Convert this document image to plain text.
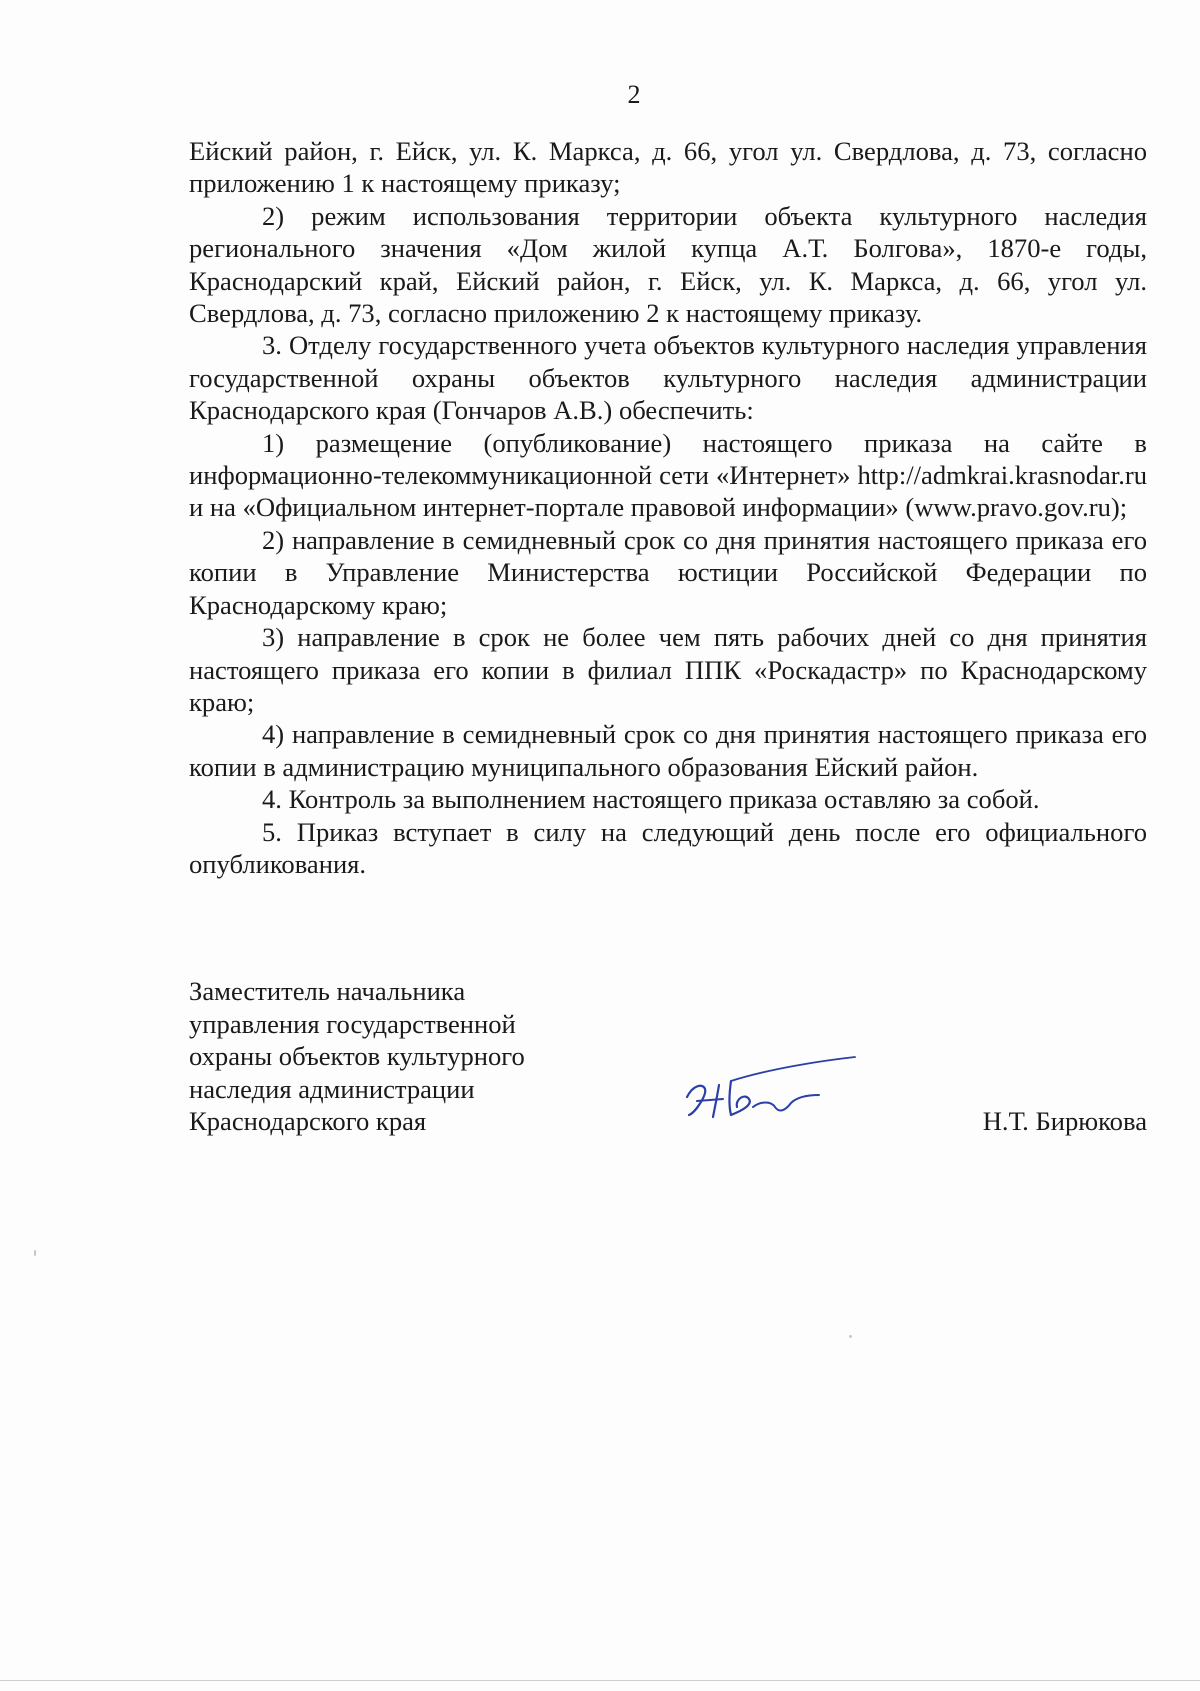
2

Ейский район, г. Ейск, ул. К. Маркса, д. 66, угол ул. Свердлова, д. 73, согласно приложению 1 к настоящему приказу;

2) режим использования территории объекта культурного наследия регионального значения «Дом жилой купца А.Т. Болгова», 1870-е годы, Краснодарский край, Ейский район, г. Ейск, ул. К. Маркса, д. 66, угол ул. Свердлова, д. 73, согласно приложению 2 к настоящему приказу.

3. Отделу государственного учета объектов культурного наследия управления государственной охраны объектов культурного наследия администрации Краснодарского края (Гончаров А.В.) обеспечить:

1) размещение (опубликование) настоящего приказа на сайте в информационно-телекоммуникационной сети «Интернет» http://admkrai.krasnodar.ru и на «Официальном интернет-портале правовой информации» (www.pravo.gov.ru);

2) направление в семидневный срок со дня принятия настоящего приказа его копии в Управление Министерства юстиции Российской Федерации по Краснодарскому краю;

3) направление в срок не более чем пять рабочих дней со дня принятия настоящего приказа его копии в филиал ППК «Роскадастр» по Краснодарскому краю;

4) направление в семидневный срок со дня принятия настоящего приказа его копии в администрацию муниципального образования Ейский район.

4. Контроль за выполнением настоящего приказа оставляю за собой.

5. Приказ вступает в силу на следующий день после его официального опубликования.

Заместитель начальника
управления государственной
охраны объектов культурного
наследия администрации
Краснодарского края	Н.Т. Бирюкова
